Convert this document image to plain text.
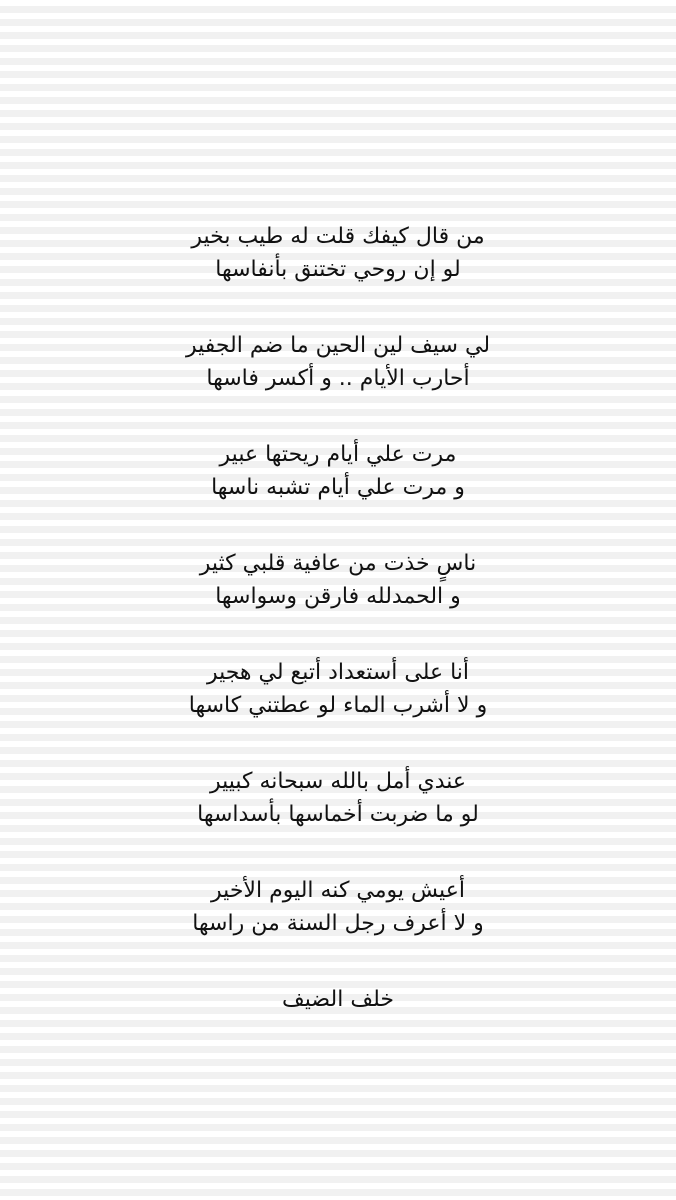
من قال كيفك قلت له طيب بخير
لو إن روحي تختنق بأنفاسها
لي سيف لين الحين ما ضم الجفير
أحارب الأيام .. و أكسر فاسها
مرت علي أيام ريحتها عبير
و مرت علي أيام تشبه ناسها
ناسٍ خذت من عافية قلبي كثير
و الحمدلله فارقن وسواسها
أنا على أستعداد أتبع لي هجير
و لا أشرب الماء لو عطتني كاسها
عندي أمل بالله سبحانه كبيير
لو ما ضربت أخماسها بأسداسها
أعيش يومي كنه اليوم الأخير
و لا أعرف رجل السنة من راسها
خلف الضيف
